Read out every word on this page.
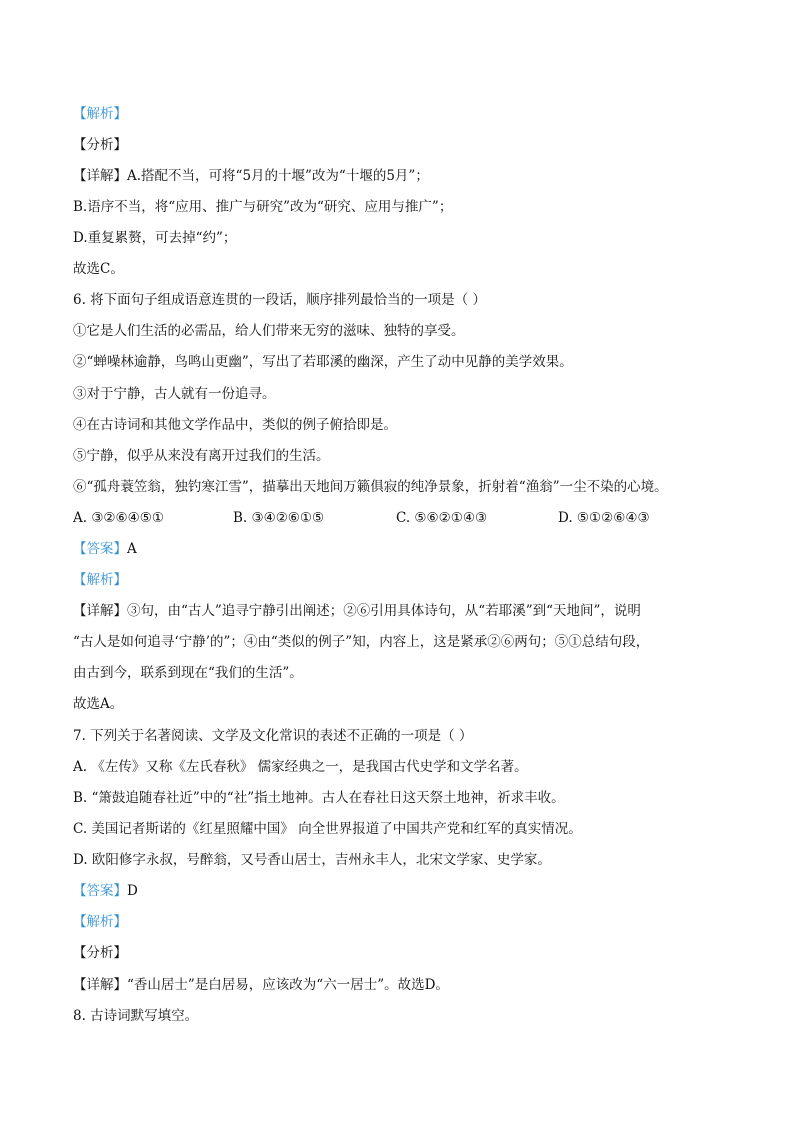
【解析】
【分析】
【详解】A.搭配不当，可将“5月的十堰”改为“十堰的5月”；
B.语序不当，将“应用、推广与研究”改为“研究、应用与推广”；
D.重复累赘，可去掉“约”；
故选C。
6. 将下面句子组成语意连贯的一段话，顺序排列最恰当的一项是（ ）
①它是人们生活的必需品，给人们带来无穷的滋味、独特的享受。
②“蝉噪林逾静，鸟鸣山更幽”，写出了若耶溪的幽深，产生了动中见静的美学效果。
③对于宁静，古人就有一份追寻。
④在古诗词和其他文学作品中，类似的例子俯拾即是。
⑤宁静，似乎从来没有离开过我们的生活。
⑥“孤舟蓑笠翁，独钓寒江雪”，描摹出天地间万籁俱寂的纯净景象，折射着“渔翁”一尘不染的心境。
A. ③②⑥④⑤①	B. ③④②⑥①⑤	C. ⑤⑥②①④③	D. ⑤①②⑥④③
【答案】A
【解析】
【详解】③句，由“古人”追寻宁静引出阐述；②⑥引用具体诗句，从“若耶溪”到“天地间”，说明
“古人是如何追寻‘宁静’的”；④由“类似的例子”知，内容上，这是紧承②⑥两句；⑤①总结句段，
由古到今，联系到现在“我们的生活”。
故选A。
7. 下列关于名著阅读、文学及文化常识的表述不正确的一项是（ ）
A. 《左传》又称《左氏春秋》 儒家经典之一，是我国古代史学和文学名著。
B. “箫鼓追随春社近”中的“社”指土地神。古人在春社日这天祭土地神，祈求丰收。
C. 美国记者斯诺的《红星照耀中国》 向全世界报道了中国共产党和红军的真实情况。
D. 欧阳修字永叔，号醉翁，又号香山居士，吉州永丰人，北宋文学家、史学家。
【答案】D
【解析】
【分析】
【详解】“香山居士”是白居易，应该改为“六一居士”。故选D。
8. 古诗词默写填空。
